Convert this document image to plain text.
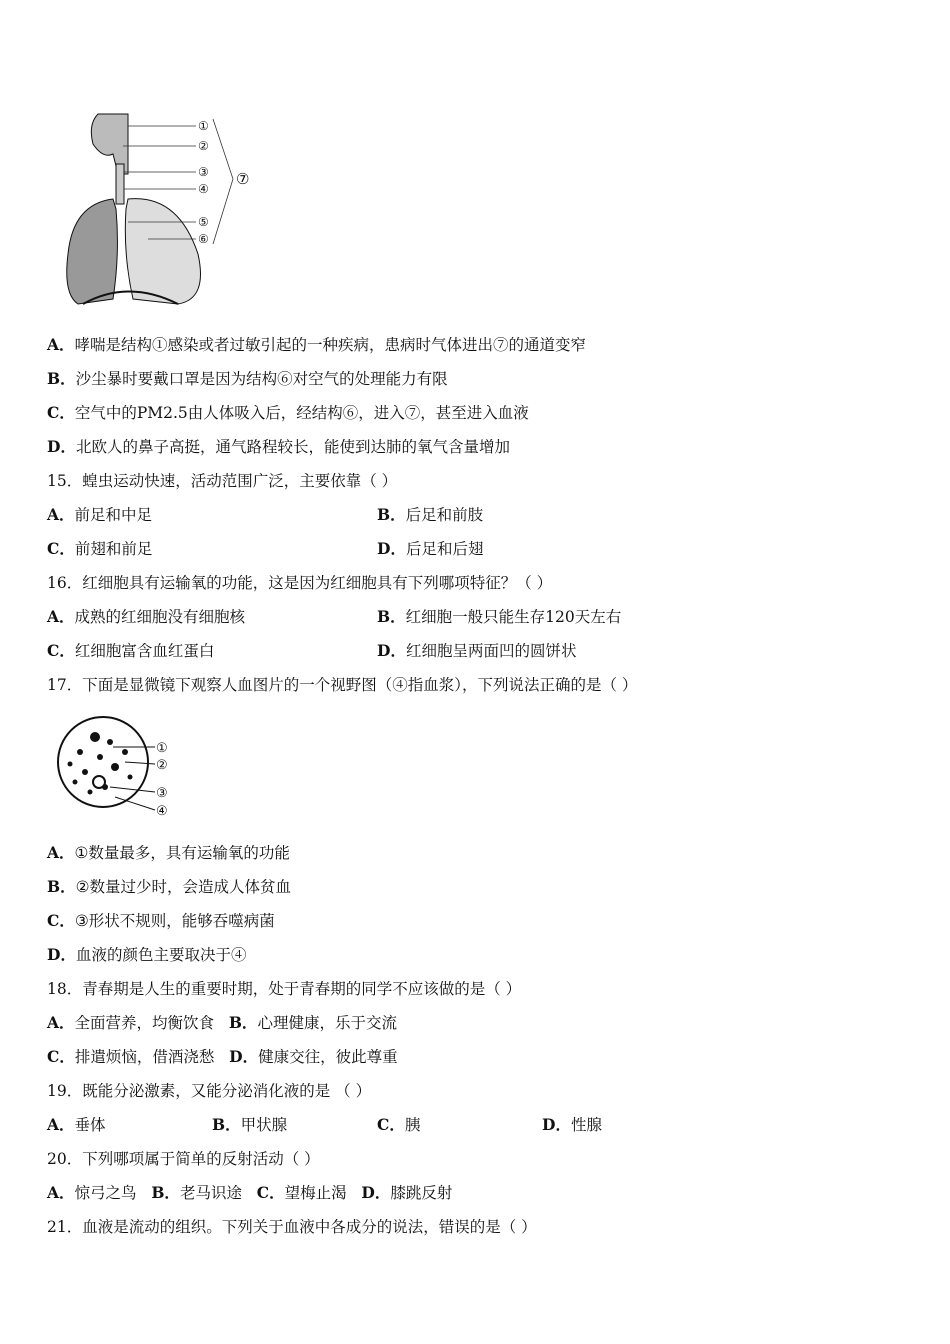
①
②
③
④
⑤
⑥
⑦
A．哮喘是结构①感染或者过敏引起的一种疾病，患病时气体进出⑦的通道变窄
B．沙尘暴时要戴口罩是因为结构⑥对空气的处理能力有限
C．空气中的PM2.5由人体吸入后，经结构⑥，进入⑦，甚至进入血液
D．北欧人的鼻子高挺，通气路程较长，能使到达肺的氧气含量增加
15．蝗虫运动快速，活动范围广泛，主要依靠（ ）
A．前足和中足	B．后足和前肢
C．前翅和前足	D．后足和后翅
16．红细胞具有运输氧的功能，这是因为红细胞具有下列哪项特征？（ ）
A．成熟的红细胞没有细胞核	B．红细胞一般只能生存120天左右
C．红细胞富含血红蛋白	D．红细胞呈两面凹的圆饼状
17．下面是显微镜下观察人血图片的一个视野图（④指血浆），下列说法正确的是（ ）
①
②
③
④
A．①数量最多，具有运输氧的功能
B．②数量过少时，会造成人体贫血
C．③形状不规则，能够吞噬病菌
D．血液的颜色主要取决于④
18．青春期是人生的重要时期，处于青春期的同学不应该做的是（ ）
A．全面营养，均衡饮食 B．心理健康，乐于交流
C．排遣烦恼，借酒浇愁 D．健康交往，彼此尊重
19．既能分泌激素，又能分泌消化液的是 （ ）
A．垂体	B．甲状腺	C．胰	D．性腺
20．下列哪项属于简单的反射活动（ ）
A．惊弓之鸟 B．老马识途 C．望梅止渴 D．膝跳反射
21．血液是流动的组织。下列关于血液中各成分的说法，错误的是（ ）
